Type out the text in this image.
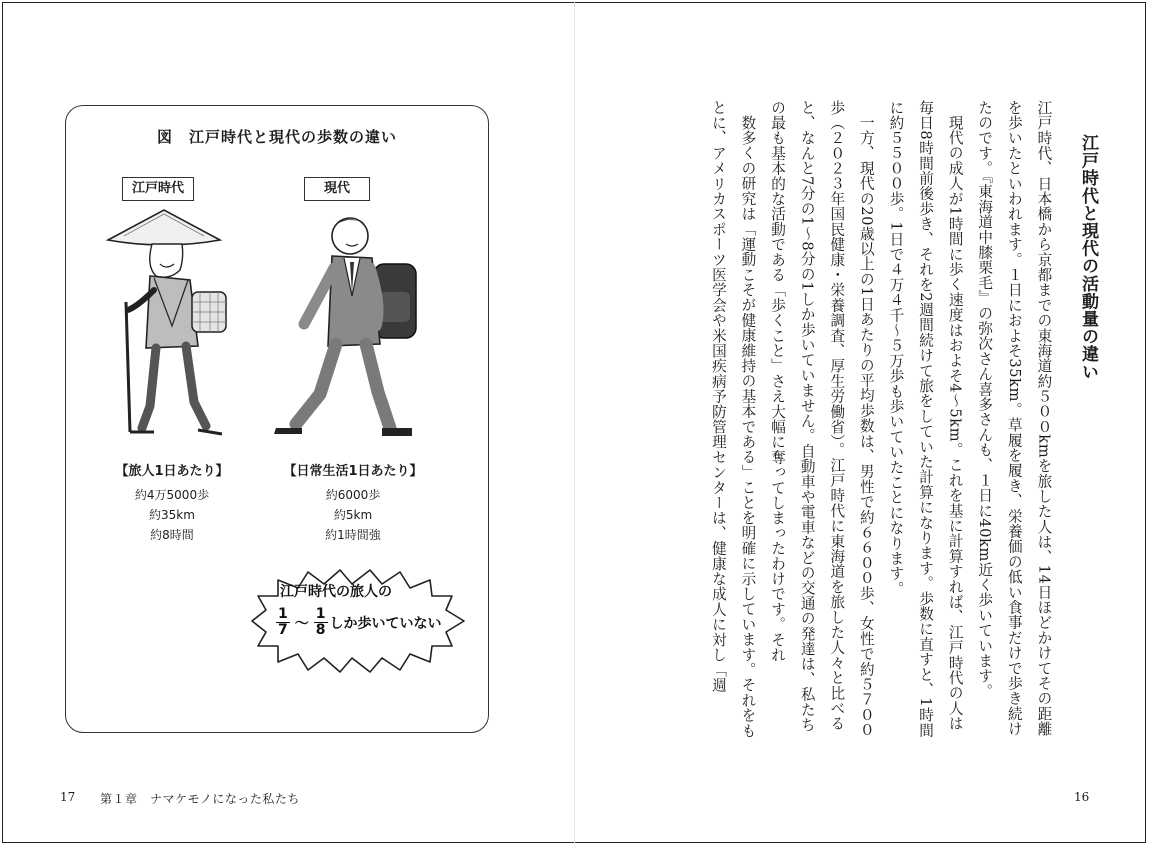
図　江戸時代と現代の歩数の違い
江戸時代	現代
【旅人1日あたり】
約4万5000歩
約35km
約8時間
【日常生活1日あたり】
約6000歩
約5km
約1時間強
江戸時代の旅人の
$\frac{1}{7}$ ～ $\frac{1}{8}$ しか歩いていない
17 第１章　ナマケモノになった私たち	16
江戸時代と現代の活動量の違い

江戸時代、日本橋から京都までの東海道約５００kmを旅した人は、14日ほどかけてその距離を歩いたといわれます。１日におよそ35km。草履を履き、栄養価の低い食事だけで歩き続けたのです。『東海道中膝栗毛』の弥次さん喜多さんも、１日に40km近く歩いています。

現代の成人が1時間に歩く速度はおよそ4～5km。これを基に計算すれば、江戸時代の人は毎日8時間前後歩き、それを2週間続けて旅をしていた計算になります。歩数に直すと、1時間に約５５００歩。1日で４万４千～５万歩も歩いていたことになります。

一方、現代の20歳以上の1日あたりの平均歩数は、男性で約６６００歩、女性で約５７００歩（２０２３年国民健康・栄養調査、厚生労働省）。江戸時代に東海道を旅した人々と比べると、なんと7分の1～8分の1しか歩いていません。自動車や電車などの交通の発達は、私たちの最も基本的な活動である「歩くこと」さえ大幅に奪ってしまったわけです。それ

数多くの研究は「運動こそが健康維持の基本である」ことを明確に示しています。それをもとに、アメリカスポーツ医学会や米国疾病予防管理センターは、健康な成人に対し「週
